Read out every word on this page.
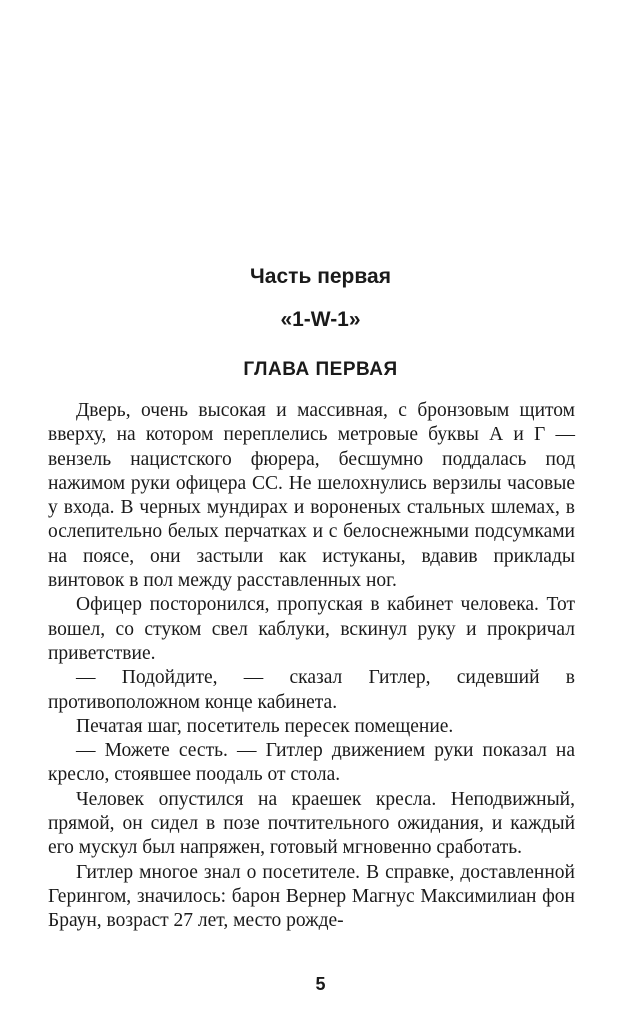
Часть первая
«1-W-1»
ГЛАВА ПЕРВАЯ

Дверь, очень высокая и массивная, с бронзовым щитом вверху, на котором переплелись метровые буквы А и Г — вензель нацистского фюрера, бесшумно поддалась под нажимом руки офицера СС. Не шелохнулись верзилы часовые у входа. В черных мундирах и вороненых стальных шлемах, в ослепительно белых перчатках и с белоснежными подсумками на поясе, они застыли как истуканы, вдавив приклады винтовок в пол между расставленных ног.

Офицер посторонился, пропуская в кабинет человека. Тот вошел, со стуком свел каблуки, вскинул руку и прокричал приветствие.

— Подойдите, — сказал Гитлер, сидевший в противоположном конце кабинета.

Печатая шаг, посетитель пересек помещение.

— Можете сесть. — Гитлер движением руки показал на кресло, стоявшее поодаль от стола.

Человек опустился на краешек кресла. Неподвижный, прямой, он сидел в позе почтительного ожидания, и каждый его мускул был напряжен, готовый мгновенно сработать.

Гитлер многое знал о посетителе. В справке, доставленной Герингом, значилось: барон Вернер Магнус Максимилиан фон Браун, возраст 27 лет, место рожде-

5
